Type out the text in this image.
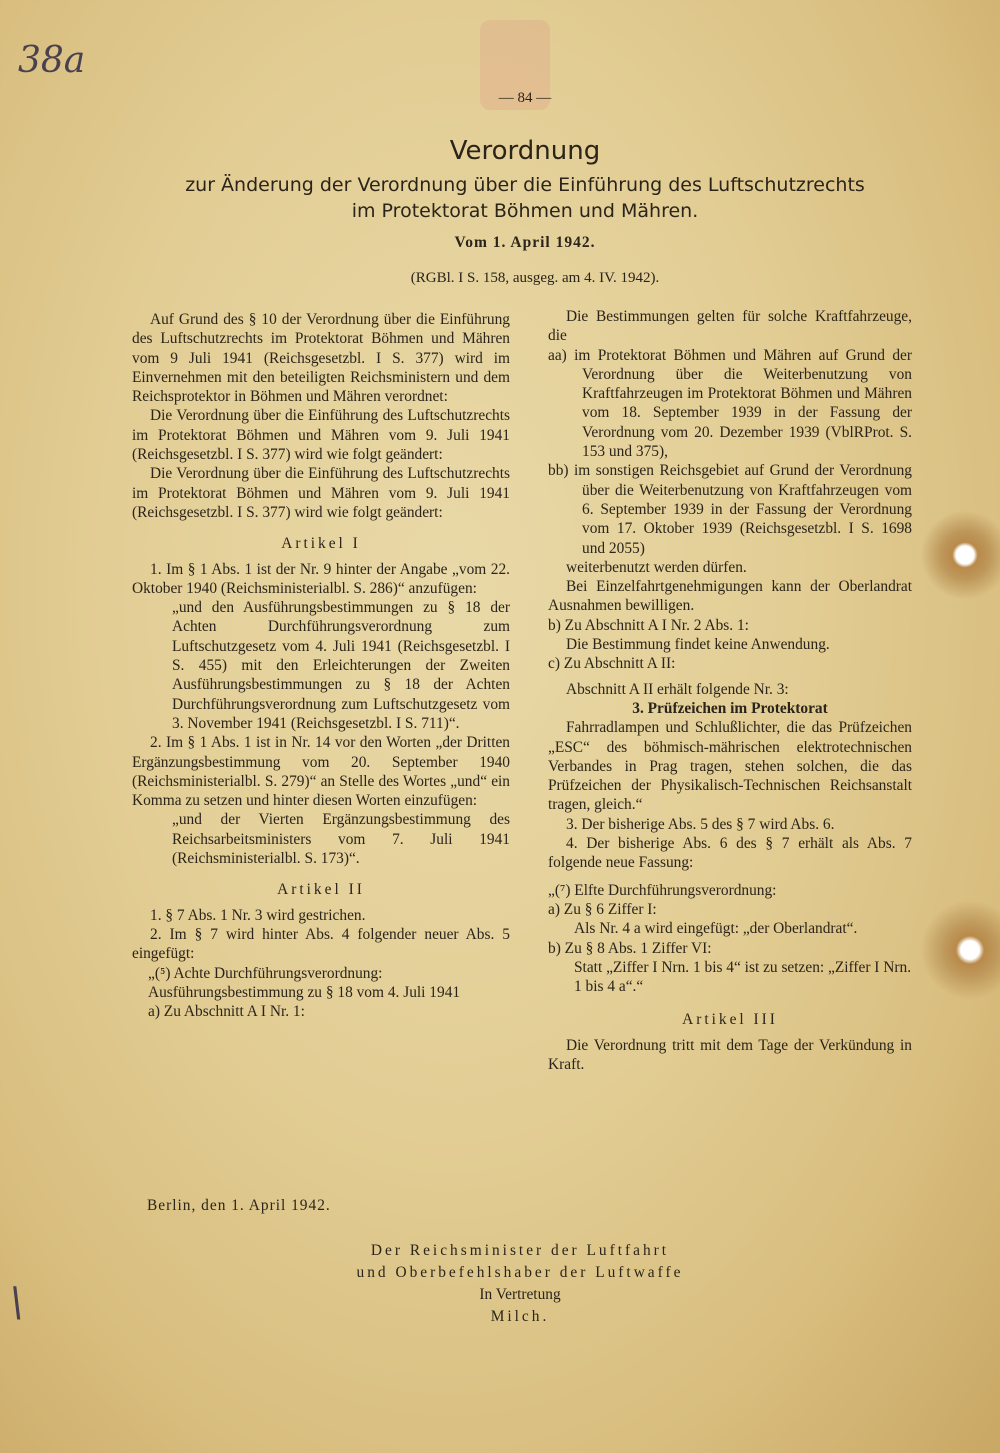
38a
\
— 84 —
Verordnung
zur Änderung der Verordnung über die Einführung des Luftschutzrechts
im Protektorat Böhmen und Mähren.
Vom 1. April 1942.
(RGBl. I S. 158, ausgeg. am 4. IV. 1942).

Auf Grund des § 10 der Verordnung über die Einführung des Luftschutzrechts im Protektorat Böhmen und Mähren vom 9 Juli 1941 (Reichsgesetzbl. I S. 377) wird im Einvernehmen mit den beteiligten Reichsministern und dem Reichsprotektor in Böhmen und Mähren verordnet:

Die Verordnung über die Einführung des Luftschutzrechts im Protektorat Böhmen und Mähren vom 9. Juli 1941 (Reichsgesetzbl. I S. 377) wird wie folgt geändert:

Die Verordnung über die Einführung des Luftschutzrechts im Protektorat Böhmen und Mähren vom 9. Juli 1941 (Reichsgesetzbl. I S. 377) wird wie folgt geändert:

Artikel I

1. Im § 1 Abs. 1 ist der Nr. 9 hinter der Angabe „vom 22. Oktober 1940 (Reichsministerialbl. S. 286)“ anzufügen:

„und den Ausführungsbestimmungen zu § 18 der Achten Durchführungsverordnung zum Luftschutzgesetz vom 4. Juli 1941 (Reichsgesetzbl. I S. 455) mit den Erleichterungen der Zweiten Ausführungsbestimmungen zu § 18 der Achten Durchführungsverordnung zum Luftschutzgesetz vom 3. November 1941 (Reichsgesetzbl. I S. 711)“.

2. Im § 1 Abs. 1 ist in Nr. 14 vor den Worten „der Dritten Ergänzungsbestimmung vom 20. September 1940 (Reichsministerialbl. S. 279)“ an Stelle des Wortes „und“ ein Komma zu setzen und hinter diesen Worten einzufügen:

„und der Vierten Ergänzungsbestimmung des Reichsarbeitsministers vom 7. Juli 1941 (Reichsministerialbl. S. 173)“.

Artikel II

1. § 7 Abs. 1 Nr. 3 wird gestrichen.

2. Im § 7 wird hinter Abs. 4 folgender neuer Abs. 5 eingefügt:

„(⁵) Achte Durchführungsverordnung: Ausführungsbestimmung zu § 18 vom 4. Juli 1941

a) Zu Abschnitt A I Nr. 1:

Die Bestimmungen gelten für solche Kraftfahrzeuge, die

aa) im Protektorat Böhmen und Mähren auf Grund der Verordnung über die Weiterbenutzung von Kraftfahrzeugen im Protektorat Böhmen und Mähren vom 18. September 1939 in der Fassung der Verordnung vom 20. Dezember 1939 (VblRProt. S. 153 und 375),

bb) im sonstigen Reichsgebiet auf Grund der Verordnung über die Weiterbenutzung von Kraftfahrzeugen vom 6. September 1939 in der Fassung der Verordnung vom 17. Oktober 1939 (Reichsgesetzbl. I S. 1698 und 2055)

weiterbenutzt werden dürfen.

Bei Einzelfahrtgenehmigungen kann der Oberlandrat Ausnahmen bewilligen.

b) Zu Abschnitt A I Nr. 2 Abs. 1:

Die Bestimmung findet keine Anwendung.

c) Zu Abschnitt A II:

Abschnitt A II erhält folgende Nr. 3:

3. Prüfzeichen im Protektorat

Fahrradlampen und Schlußlichter, die das Prüfzeichen „ESC“ des böhmisch-mährischen elektrotechnischen Verbandes in Prag tragen, stehen solchen, die das Prüfzeichen der Physikalisch-Technischen Reichsanstalt tragen, gleich.“

3. Der bisherige Abs. 5 des § 7 wird Abs. 6.

4. Der bisherige Abs. 6 des § 7 erhält als Abs. 7 folgende neue Fassung:

„(⁷) Elfte Durchführungsverordnung:

a) Zu § 6 Ziffer I:

Als Nr. 4 a wird eingefügt: „der Oberlandrat“.

b) Zu § 8 Abs. 1 Ziffer VI:

Statt „Ziffer I Nrn. 1 bis 4“ ist zu setzen: „Ziffer I Nrn. 1 bis 4 a“.“

Artikel III

Die Verordnung tritt mit dem Tage der Verkündung in Kraft.

Berlin, den 1. April 1942.
Der Reichsminister der Luftfahrt
und Oberbefehlshaber der Luftwaffe
In Vertretung
Milch.
